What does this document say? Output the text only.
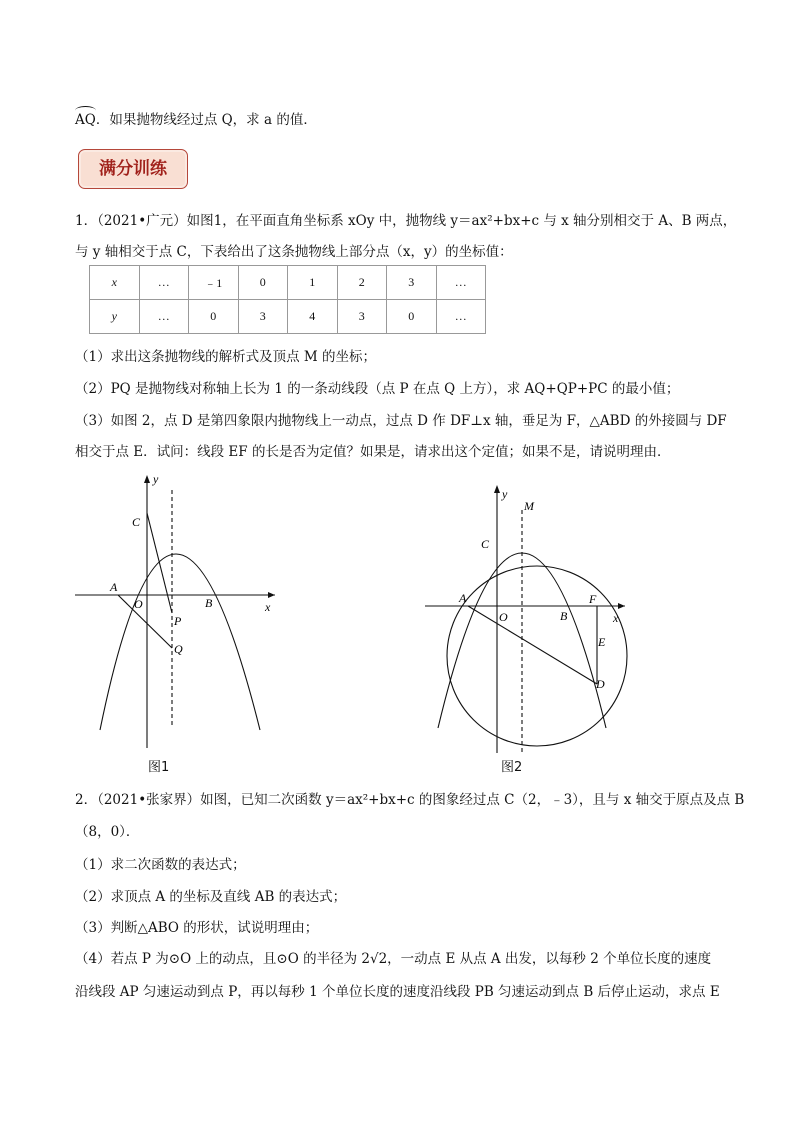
AQ．如果抛物线经过点 Q，求 a 的值．
满分训练
1．（2021•广元）如图1，在平面直角坐标系 xOy 中，抛物线 y＝ax²+bx+c 与 x 轴分别相交于 A、B 两点，
与 y 轴相交于点 C，下表给出了这条抛物线上部分点（x，y）的坐标值：
x	…	﹣1	0	1	2	3	…
y	…	0	3	4	3	0	…
（1）求出这条抛物线的解析式及顶点 M 的坐标；
（2）PQ 是抛物线对称轴上长为 1 的一条动线段（点 P 在点 Q 上方），求 AQ+QP+PC 的最小值；
（3）如图 2，点 D 是第四象限内抛物线上一动点，过点 D 作 DF⊥x 轴，垂足为 F，△ABD 的外接圆与 DF
相交于点 E．试问：线段 EF 的长是否为定值？如果是，请求出这个定值；如果不是，请说明理由．
y
x
C
A
O	B
P
Q
图1
y
M
C
A
O	B
F
x
E
D
图2
2．（2021•张家界）如图，已知二次函数 y＝ax²+bx+c 的图象经过点 C（2，﹣3），且与 x 轴交于原点及点 B
（8，0）．
（1）求二次函数的表达式；
（2）求顶点 A 的坐标及直线 AB 的表达式；
（3）判断△ABO 的形状，试说明理由；
（4）若点 P 为⊙O 上的动点，且⊙O 的半径为 2√2，一动点 E 从点 A 出发，以每秒 2 个单位长度的速度
沿线段 AP 匀速运动到点 P，再以每秒 1 个单位长度的速度沿线段 PB 匀速运动到点 B 后停止运动，求点 E
